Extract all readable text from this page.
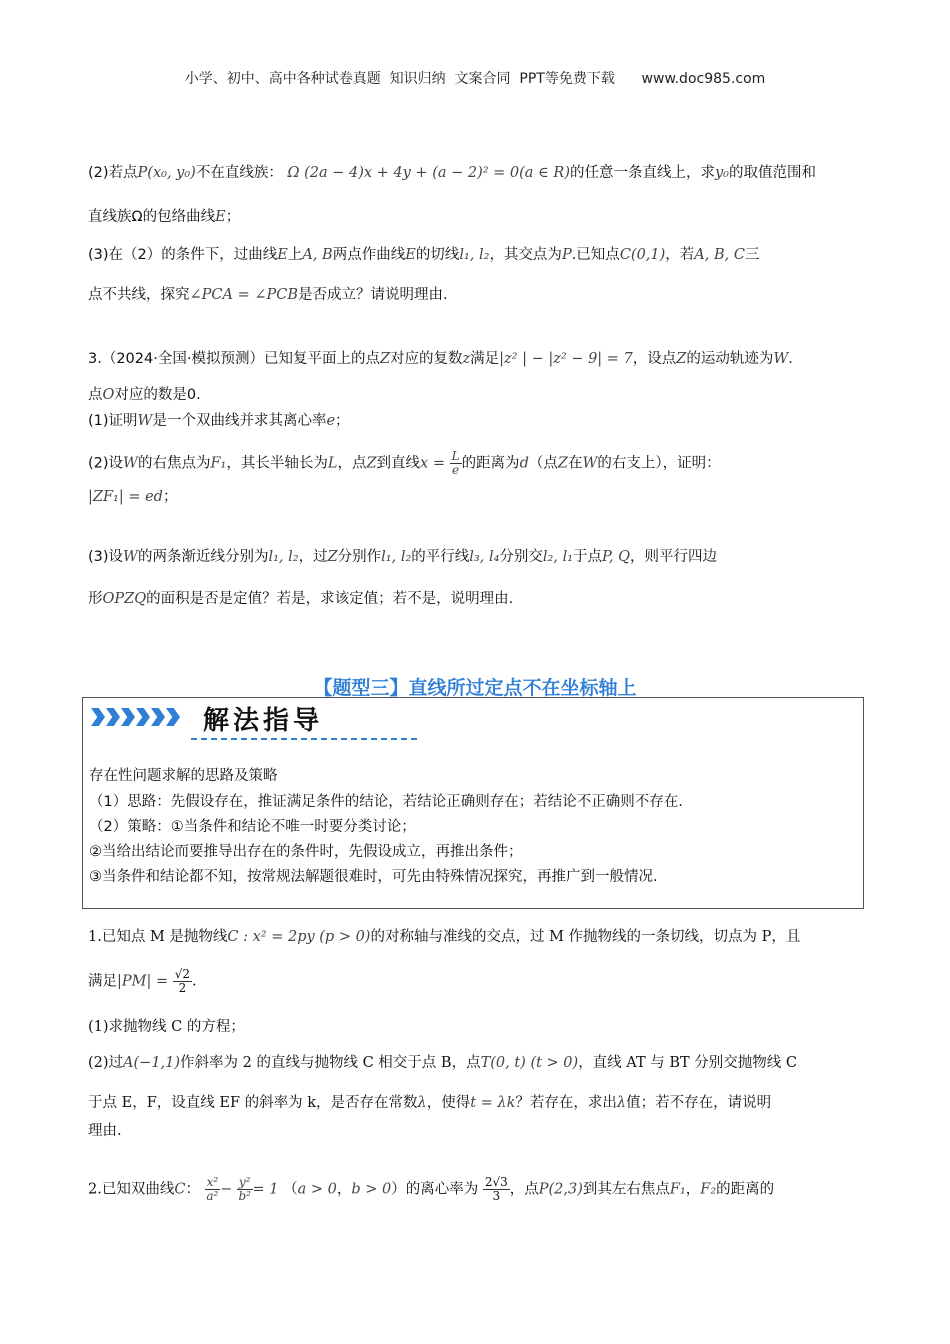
小学、初中、高中各种试卷真题  知识归纳  文案合同  PPT等免费下载      www.doc985.com
(2)若点P(x₀, y₀)不在直线族： Ω (2a − 4)x + 4y + (a − 2)² = 0(a ∈ R)的任意一条直线上，求y₀的取值范围和
直线族Ω的包络曲线E；
(3)在（2）的条件下，过曲线E上A, B两点作曲线E的切线l₁, l₂，其交点为P.已知点C(0,1)，若A, B, C三
点不共线，探究∠PCA = ∠PCB是否成立？请说明理由.
3.（2024·全国·模拟预测）已知复平面上的点Z对应的复数z满足|z² | − |z² − 9| = 7，设点Z的运动轨迹为W.
点O对应的数是0.
(1)证明W是一个双曲线并求其离心率e；
(2)设W的右焦点为F₁，其长半轴长为L，点Z到直线$x = \frac{L}{e}$ 的距离为d（点Z在W的右支上），证明：
|ZF₁| = ed；
(3)设W的两条渐近线分别为l₁, l₂，过Z分别作l₁, l₂的平行线l₃, l₄分别交l₂, l₁于点P, Q，则平行四边
形OPZQ的面积是否是定值？若是，求该定值；若不是，说明理由.
【题型三】直线所过定点不在坐标轴上
解法指导
存在性问题求解的思路及策略
（1）思路：先假设存在，推证满足条件的结论，若结论正确则存在；若结论不正确则不存在.
（2）策略：①当条件和结论不唯一时要分类讨论；
②当给出结论而要推导出存在的条件时，先假设成立，再推出条件；
③当条件和结论都不知，按常规法解题很难时，可先由特殊情况探究，再推广到一般情况.
1.已知点 M 是抛物线C : x² = 2py (p > 0)的对称轴与准线的交点，过 M 作抛物线的一条切线，切点为 P，且
满足$|PM| = \frac{√2}{2}$ .
(1)求抛物线 C 的方程；
(2)过A(−1,1)作斜率为 2 的直线与抛物线 C 相交于点 B，点T(0, t) (t > 0)，直线 AT 与 BT 分别交抛物线 C
于点 E，F，设直线 EF 的斜率为 k，是否存在常数λ，使得t = λk？若存在，求出λ值；若不存在，请说明
理由.
2.已知双曲线C： $\frac{\text{x²}}{\text{a²}} - \frac{\text{y²}}{\text{b²}} = 1$ （a > 0，b > 0）的离心率为 $\frac{2√3}{3}$ ，点P(2,3)到其左右焦点F₁，F₂的距离的
